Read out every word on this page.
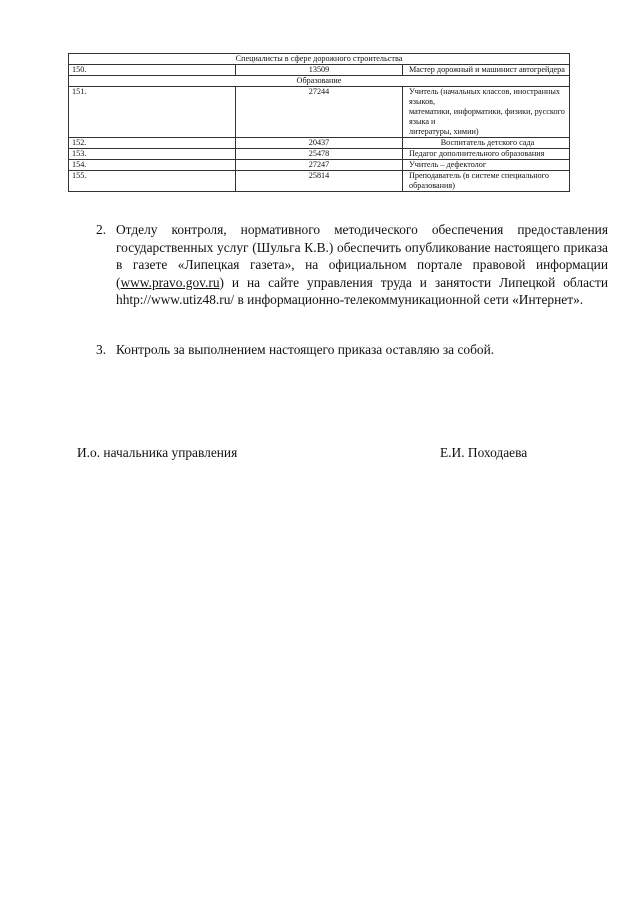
Специалисты в сфере дорожного строительства		
150.	13509	Мастер дорожный и машинист автогрейдера
Образование		
151.	27244	Учитель (начальных классов, иностранных языков,
математики, информатики, физики, русского языка и
литературы, химии)

152.	20437	Воспитатель детского сада
153.	25478	Педагог дополнительного образования
154.	27247	Учитель – дефектолог
155.	25814	Преподаватель (в системе специального образования)
2. Отделу контроля, нормативного методического обеспечения предоставления государственных услуг (Шульга К.В.) обеспечить опубликование настоящего приказа в газете «Липецкая газета», на официальном портале правовой информации (www.pravo.gov.ru) и на сайте управления труда и занятости Липецкой области hhtp://www.utiz48.ru/ в информационно-телекоммуникационной сети «Интернет».
3. Контроль за выполнением настоящего приказа оставляю за собой.
И.о. начальника управления	Е.И. Походаева
